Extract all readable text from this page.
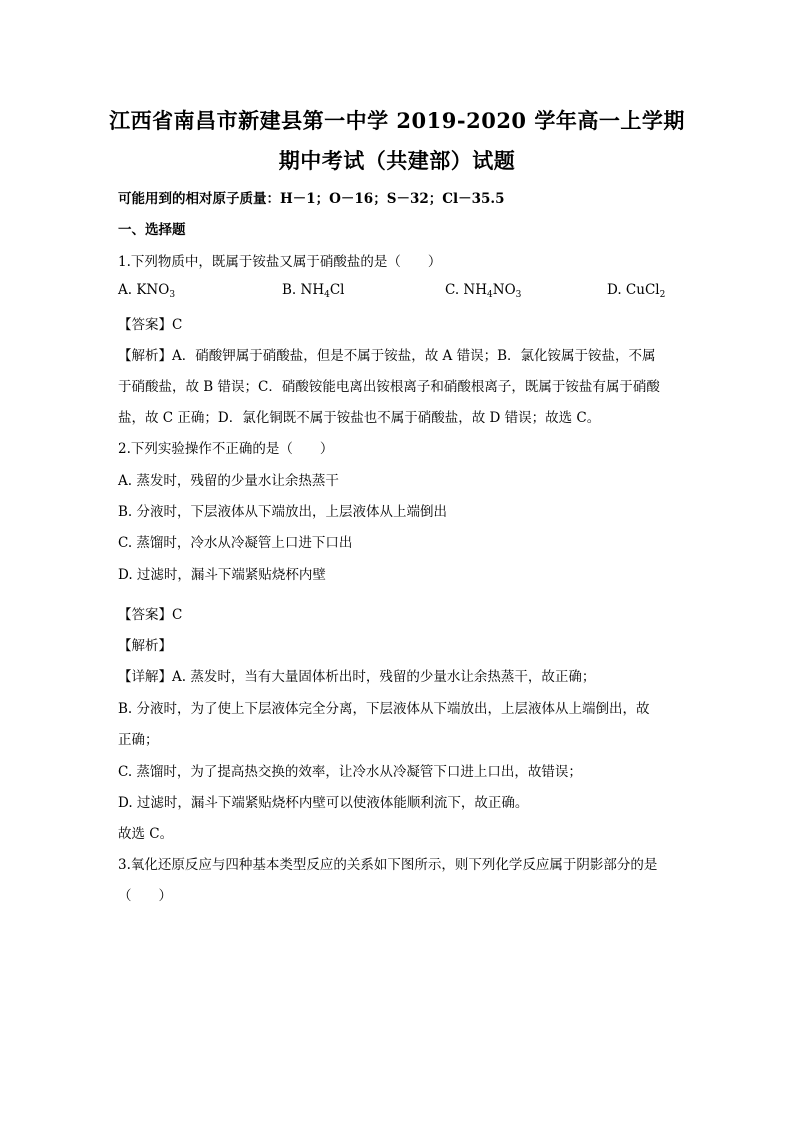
江西省南昌市新建县第一中学 2019-2020 学年高一上学期
期中考试（共建部）试题
可能用到的相对原子质量：H－1；O－16；S－32；Cl－35.5
一、选择题
1.下列物质中，既属于铵盐又属于硝酸盐的是（　　）
A. $KNO_3$	B. $NH_4Cl$	C. $NH_4NO_3$	D. CuCl$_2$
【答案】C
【解析】A．硝酸钾属于硝酸盐，但是不属于铵盐，故 A 错误；B．氯化铵属于铵盐，不属
于硝酸盐，故 B 错误；C．硝酸铵能电离出铵根离子和硝酸根离子，既属于铵盐有属于硝酸
盐，故 C 正确；D．氯化铜既不属于铵盐也不属于硝酸盐，故 D 错误；故选 C。
2.下列实验操作不正确的是（　　）
A. 蒸发时，残留的少量水让余热蒸干
B. 分液时，下层液体从下端放出，上层液体从上端倒出
C. 蒸馏时，冷水从冷凝管上口进下口出
D. 过滤时，漏斗下端紧贴烧杯内壁
【答案】C
【解析】
【详解】A. 蒸发时，当有大量固体析出时，残留的少量水让余热蒸干，故正确；
B. 分液时，为了使上下层液体完全分离，下层液体从下端放出，上层液体从上端倒出，故
正确；
C. 蒸馏时，为了提高热交换的效率，让冷水从冷凝管下口进上口出，故错误；
D. 过滤时，漏斗下端紧贴烧杯内壁可以使液体能顺利流下，故正确。
故选 C。
3.氧化还原反应与四种基本类型反应的关系如下图所示，则下列化学反应属于阴影部分的是
（　　）
